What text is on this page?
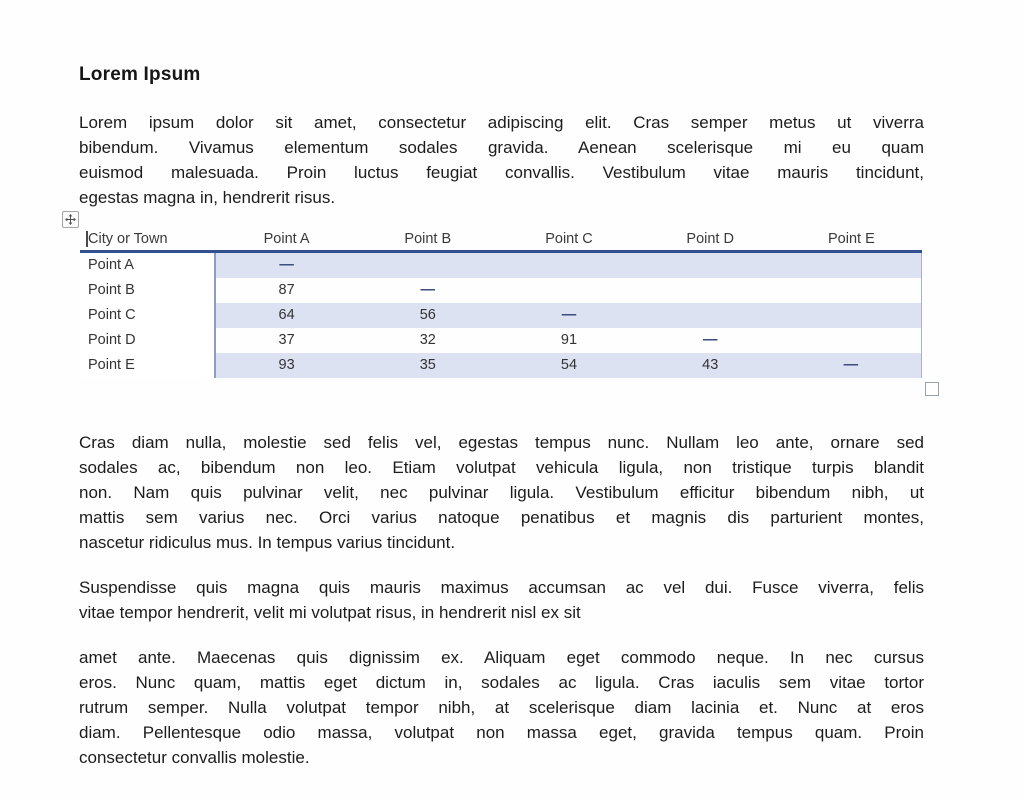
Lorem Ipsum
Lorem ipsum dolor sit amet, consectetur adipiscing elit. Cras semper metus ut viverra
bibendum. Vivamus elementum sodales gravida. Aenean scelerisque mi eu quam
euismod malesuada. Proin luctus feugiat convallis. Vestibulum vitae mauris tincidunt,
egestas magna in, hendrerit risus.
City or Town	Point A	Point B	Point C	Point D	Point E
Point A	—
Point B	87	—
Point C	64	56	—
Point D	37	32	91	—
Point E	93	35	54	43	—
Cras diam nulla, molestie sed felis vel, egestas tempus nunc. Nullam leo ante, ornare sed
sodales ac, bibendum non leo. Etiam volutpat vehicula ligula, non tristique turpis blandit
non. Nam quis pulvinar velit, nec pulvinar ligula. Vestibulum efficitur bibendum nibh, ut
mattis sem varius nec. Orci varius natoque penatibus et magnis dis parturient montes,
nascetur ridiculus mus. In tempus varius tincidunt.
Suspendisse quis magna quis mauris maximus accumsan ac vel dui. Fusce viverra, felis
vitae tempor hendrerit, velit mi volutpat risus, in hendrerit nisl ex sit
amet ante. Maecenas quis dignissim ex. Aliquam eget commodo neque. In nec cursus
eros. Nunc quam, mattis eget dictum in, sodales ac ligula. Cras iaculis sem vitae tortor
rutrum semper. Nulla volutpat tempor nibh, at scelerisque diam lacinia et. Nunc at eros
diam. Pellentesque odio massa, volutpat non massa eget, gravida tempus quam. Proin
consectetur convallis molestie.
